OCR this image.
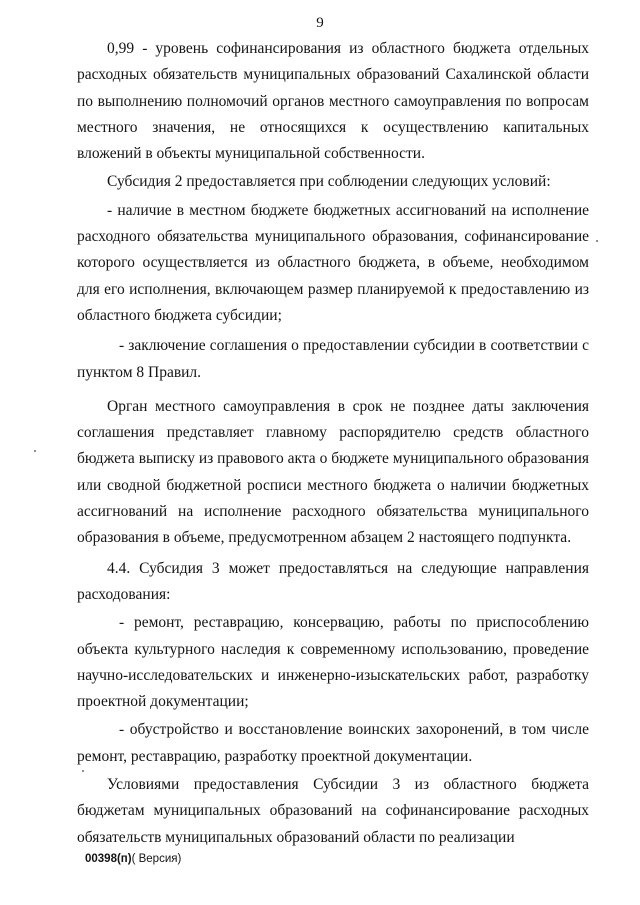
9

0,99 - уровень софинансирования из областного бюджета отдельных расходных обязательств муниципальных образований Сахалинской области по выполнению полномочий органов местного самоуправления по вопросам местного значения, не относящихся к осуществлению капитальных вложений в объекты муниципальной собственности.

Субсидия 2 предоставляется при соблюдении следующих условий:

- наличие в местном бюджете бюджетных ассигнований на исполнение расходного обязательства муниципального образования, софинансирование которого осуществляется из областного бюджета, в объеме, необходимом для его исполнения, включающем размер планируемой к предоставлению из областного бюджета субсидии;

- заключение соглашения о предоставлении субсидии в соответствии с пунктом 8 Правил.

Орган местного самоуправления в срок не позднее даты заключения соглашения представляет главному распорядителю средств областного бюджета выписку из правового акта о бюджете муниципального образования или сводной бюджетной росписи местного бюджета о наличии бюджетных ассигнований на исполнение расходного обязательства муниципального образования в объеме, предусмотренном абзацем 2 настоящего подпункта.

4.4. Субсидия 3 может предоставляться на следующие направления расходования:

- ремонт, реставрацию, консервацию, работы по приспособлению объекта культурного наследия к современному использованию, проведение научно-исследовательских и инженерно-изыскательских работ, разработку проектной документации;

- обустройство и восстановление воинских захоронений, в том числе ремонт, реставрацию, разработку проектной документации.

Условиями предоставления Субсидии 3 из областного бюджета бюджетам муниципальных образований на софинансирование расходных обязательств муниципальных образований области по реализации

00398(п)( Версия)
